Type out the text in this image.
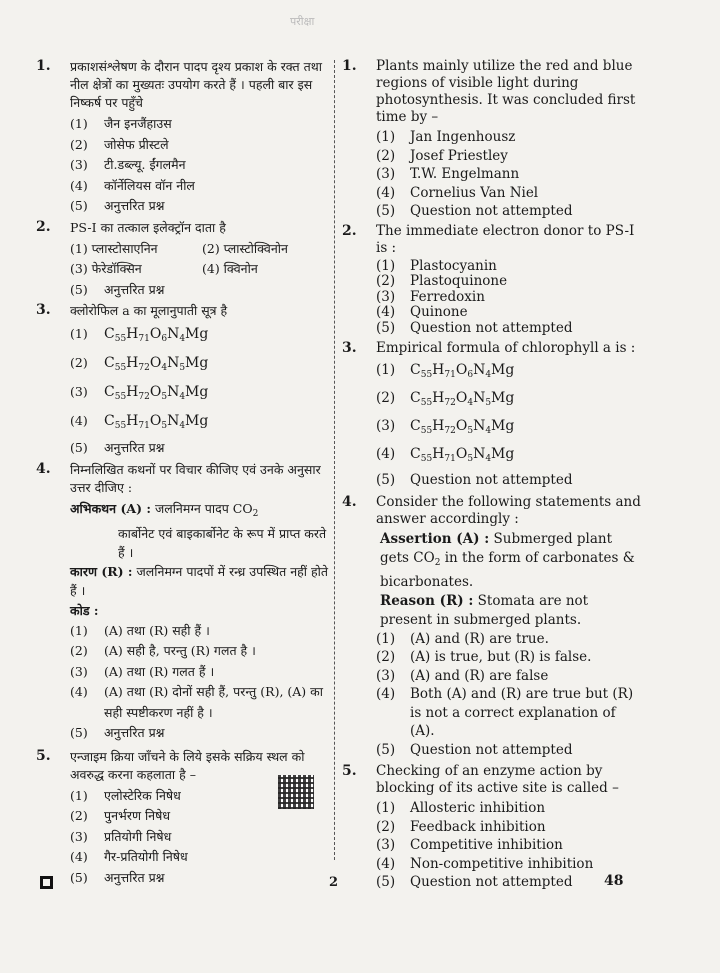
परीक्षा
1. प्रकाशसंश्लेषण के दौरान पादप दृश्य प्रकाश के रक्त तथा नील क्षेत्रों का मुख्यतः उपयोग करते हैं । पहली बार इस निष्कर्ष पर पहुँचे
(1) जैन इनजैंहाउस
(2) जोसेफ प्रीस्टले
(3) टी.डब्ल्यू. ईंगलमैन
(4) कॉर्नेलियस वॉन नील
(5) अनुत्तरित प्रश्न
2. PS-I का तत्काल इलेक्ट्रॉन दाता है
(1) प्लास्टोसाएनिन	(2) प्लास्टोक्विनोन
(3) फेरेडॉक्सिन	(4) क्विनोन
(5) अनुत्तरित प्रश्न
3. क्लोरोफिल a का मूलानुपाती सूत्र है
(1) $C_{55}H_{71}O_6N_4Mg$
(2) $C_{55}H_{72}O_4N_5Mg$
(3) $C_{55}H_{72}O_5N_4Mg$
(4) $C_{55}H_{71}O_5N_4Mg$
(5) अनुत्तरित प्रश्न
4. निम्नलिखित कथनों पर विचार कीजिए एवं उनके अनुसार उत्तर दीजिए :
अभिकथन (A) : जलनिमग्न पादप $CO_2$
कार्बोनेट एवं बाइकार्बोनेट के रूप में प्राप्त करते हैं ।
कारण (R) : जलनिमग्न पादपों में रन्ध्र उपस्थित नहीं होते हैं ।
कोड :
(1) (A) तथा (R) सही हैं ।
(2) (A) सही है, परन्तु (R) गलत है ।
(3) (A) तथा (R) गलत हैं ।
(4) (A) तथा (R) दोनों सही हैं, परन्तु (R), (A) का सही स्पष्टीकरण नहीं है ।
(5) अनुत्तरित प्रश्न
5. एन्जाइम क्रिया जाँचने के लिये इसके सक्रिय स्थल को अवरुद्ध करना कहलाता है –
(1) एलोस्टेरिक निषेध
(2) पुनर्भरण निषेध
(3) प्रतियोगी निषेध
(4) गैर-प्रतियोगी निषेध
(5) अनुत्तरित प्रश्न
1. Plants mainly utilize the red and blue regions of visible light during photosynthesis. It was concluded first time by –
(1) Jan Ingenhousz
(2) Josef Priestley
(3) T.W. Engelmann
(4) Cornelius Van Niel
(5) Question not attempted
2. The immediate electron donor to PS-I is :
(1) Plastocyanin
(2) Plastoquinone
(3) Ferredoxin
(4) Quinone
(5) Question not attempted
3. Empirical formula of chlorophyll a is :
(1) $C_{55}H_{71}O_6N_4Mg$
(2) $C_{55}H_{72}O_4N_5Mg$
(3) $C_{55}H_{72}O_5N_4Mg$
(4) $C_{55}H_{71}O_5N_4Mg$
(5) Question not attempted
4. Consider the following statements and answer accordingly :
Assertion (A) : Submerged plant gets $CO_2$ in the form of carbonates & bicarbonates.
Reason (R) : Stomata are not present in submerged plants.
(1) (A) and (R) are true.
(2) (A) is true, but (R) is false.
(3) (A) and (R) are false
(4) Both (A) and (R) are true but (R) is not a correct explanation of (A).
(5) Question not attempted
5. Checking of an enzyme action by blocking of its active site is called –
(1) Allosteric inhibition
(2) Feedback inhibition
(3) Competitive inhibition
(4) Non-competitive inhibition
(5) Question not attempted
2	48
